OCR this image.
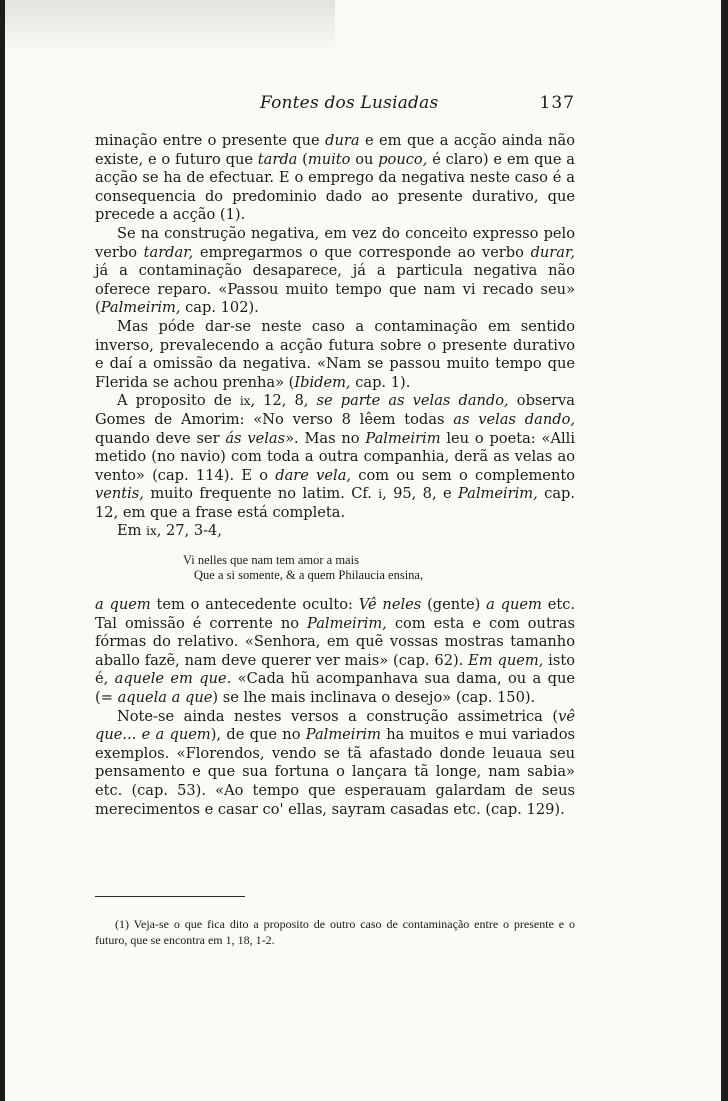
Fontes dos Lusiadas	137

minação entre o presente que dura e em que a acção ainda não existe, e o futuro que tarda (muito ou pouco, é claro) e em que a acção se ha de efectuar. E o emprego da negativa neste caso é a consequencia do predominio dado ao presente durativo, que precede a acção (1).

Se na construção negativa, em vez do conceito expresso pelo verbo tardar, empregarmos o que corresponde ao verbo durar, já a contaminação desaparece, já a particula negativa não oferece reparo. «Passou muito tempo que nam vi recado seu» (Palmeirim, cap. 102).

Mas póde dar-se neste caso a contaminação em sentido inverso, prevalecendo a acção futura sobre o presente durativo e daí a omissão da negativa. «Nam se passou muito tempo que Flerida se achou prenha» (Ibidem, cap. 1).

A proposito de ix, 12, 8, se parte as velas dando, observa Gomes de Amorim: «No verso 8 lêem todas as velas dando, quando deve ser ás velas». Mas no Palmeirim leu o poeta: «Alli metido (no navio) com toda a outra companhia, derã as velas ao vento» (cap. 114). E o dare vela, com ou sem o complemento ventis, muito frequente no latim. Cf. i, 95, 8, e Palmeirim, cap. 12, em que a frase está completa.

Em ix, 27, 3-4,

Vi nelles que nam tem amor a mais
Que a si somente, & a quem Philaucia ensina,

a quem tem o antecedente oculto: Vê neles (gente) a quem etc. Tal omissão é corrente no Palmeirim, com esta e com outras fórmas do relativo. «Senhora, em quẽ vossas mostras tamanho aballo fazẽ, nam deve querer ver mais» (cap. 62). Em quem, isto é, aquele em que. «Cada hũ acompanhava sua dama, ou a que (= aquela a que) se lhe mais inclinava o desejo» (cap. 150).

Note-se ainda nestes versos a construção assimetrica (vê que... e a quem), de que no Palmeirim ha muitos e mui variados exemplos. «Florendos, vendo se tã afastado donde leuaua seu pensamento e que sua fortuna o lançara tã longe, nam sabia» etc. (cap. 53). «Ao tempo que esperauam galardam de seus merecimentos e casar co' ellas, sayram casadas etc. (cap. 129).

(1) Veja-se o que fica dito a proposito de outro caso de contaminação entre o presente e o futuro, que se encontra em 1, 18, 1-2.
